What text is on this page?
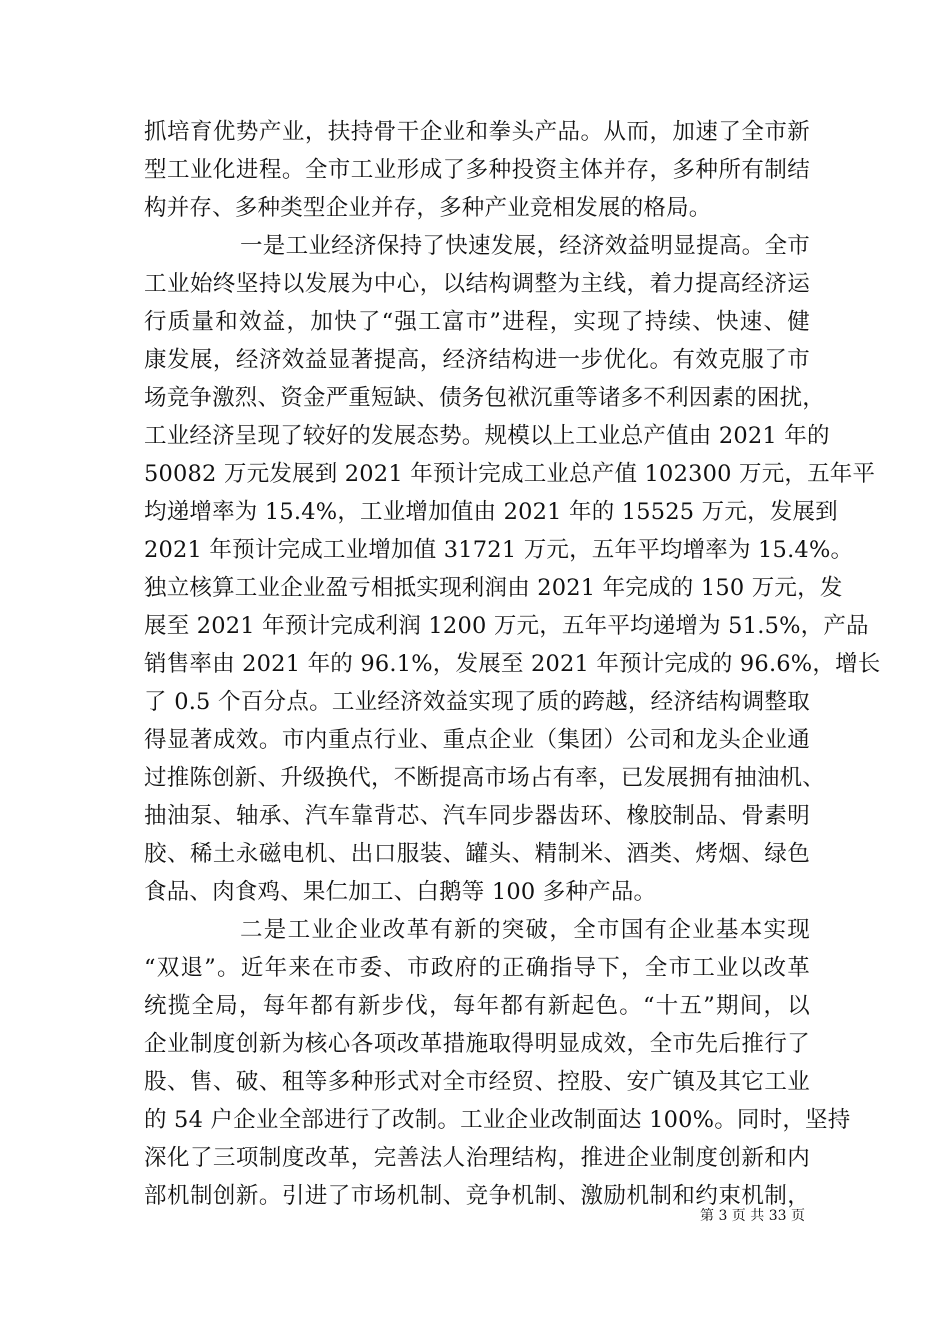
抓培育优势产业，扶持骨干企业和拳头产品。从而，加速了全市新
型工业化进程。全市工业形成了多种投资主体并存，多种所有制结
构并存、多种类型企业并存，多种产业竞相发展的格局。
一是工业经济保持了快速发展，经济效益明显提高。全市
工业始终坚持以发展为中心，以结构调整为主线，着力提高经济运
行质量和效益，加快了“强工富市”进程，实现了持续、快速、健
康发展，经济效益显著提高，经济结构进一步优化。有效克服了市
场竞争激烈、资金严重短缺、债务包袱沉重等诸多不利因素的困扰，
工业经济呈现了较好的发展态势。规模以上工业总产值由 2021 年的
50082 万元发展到 2021 年预计完成工业总产值 102300 万元，五年平
均递增率为 15.4%，工业增加值由 2021 年的 15525 万元，发展到
2021 年预计完成工业增加值 31721 万元，五年平均增率为 15.4%。
独立核算工业企业盈亏相抵实现利润由 2021 年完成的 150 万元，发
展至 2021 年预计完成利润 1200 万元，五年平均递增为 51.5%，产品
销售率由 2021 年的 96.1%，发展至 2021 年预计完成的 96.6%，增长
了 0.5 个百分点。工业经济效益实现了质的跨越，经济结构调整取
得显著成效。市内重点行业、重点企业（集团）公司和龙头企业通
过推陈创新、升级换代，不断提高市场占有率，已发展拥有抽油机、
抽油泵、轴承、汽车靠背芯、汽车同步器齿环、橡胶制品、骨素明
胶、稀土永磁电机、出口服装、罐头、精制米、酒类、烤烟、绿色
食品、肉食鸡、果仁加工、白鹅等 100 多种产品。
二是工业企业改革有新的突破，全市国有企业基本实现
“双退”。近年来在市委、市政府的正确指导下，全市工业以改革
统揽全局，每年都有新步伐，每年都有新起色。“十五”期间，以
企业制度创新为核心各项改革措施取得明显成效，全市先后推行了
股、售、破、租等多种形式对全市经贸、控股、安广镇及其它工业
的 54 户企业全部进行了改制。工业企业改制面达 100%。同时，坚持
深化了三项制度改革，完善法人治理结构，推进企业制度创新和内
部机制创新。引进了市场机制、竞争机制、激励机制和约束机制，
第 3 页 共 33 页
